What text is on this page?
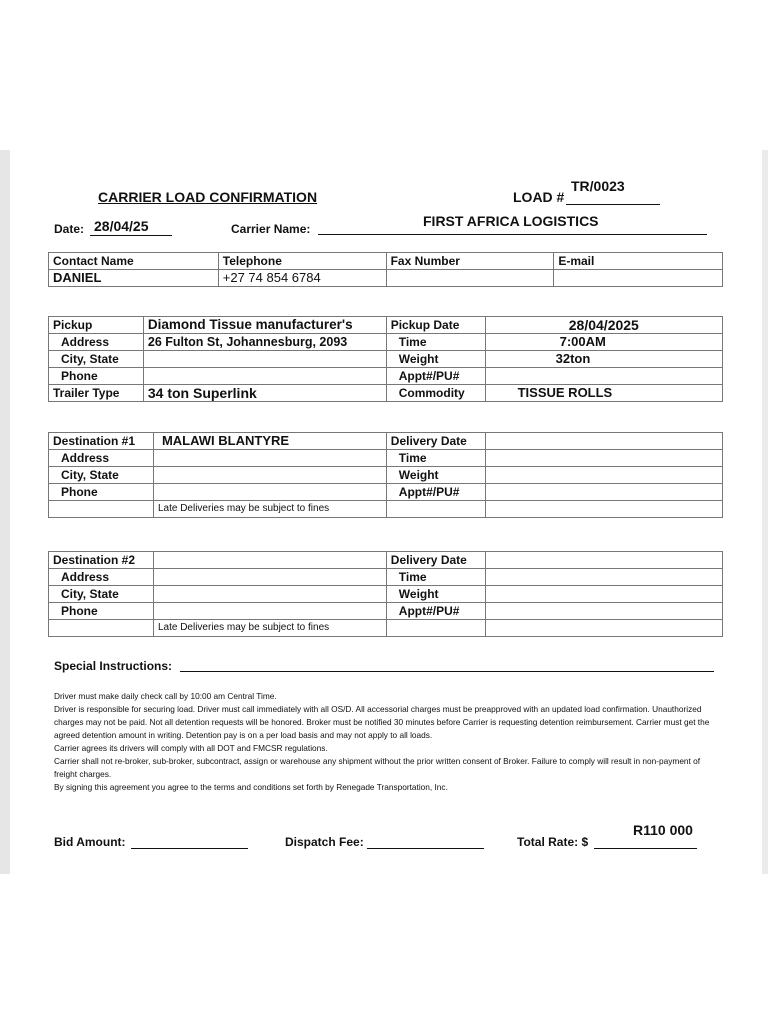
CARRIER LOAD CONFIRMATION	LOAD #
TR/0023
Date: 28/04/25	Carrier Name:	FIRST AFRICA LOGISTICS
Contact Name	Telephone	Fax Number	E-mail
DANIEL	+27 74 854 6784		
Pickup	Diamond Tissue manufacturer's	Pickup Date	28/04/2025
Address	26 Fulton St, Johannesburg, 2093	Time	7:00AM
City, State		Weight	32ton
Phone		Appt#/PU#	
Trailer Type	34 ton Superlink	Commodity	TISSUE ROLLS
Destination #1	MALAWI BLANTYRE	Delivery Date	
Address		Time	
City, State		Weight	
Phone		Appt#/PU#	
	Late Deliveries may be subject to fines		
Destination #2		Delivery Date	
Address		Time	
City, State		Weight	
Phone		Appt#/PU#	
	Late Deliveries may be subject to fines		
Special Instructions:
Driver must make daily check call by 10:00 am Central Time.
Driver is responsible for securing load. Driver must call immediately with all OS/D. All accessorial charges must be preapproved with an updated load confirmation. Unauthorized charges may not be paid. Not all detention requests will be honored. Broker must be notified 30 minutes before Carrier is requesting detention reimbursement. Carrier must get the agreed detention amount in writing. Detention pay is on a per load basis and may not apply to all loads.
Carrier agrees its drivers will comply with all DOT and FMCSR regulations.
Carrier shall not re-broker, sub-broker, subcontract, assign or warehouse any shipment without the prior written consent of Broker. Failure to comply will result in non-payment of freight charges.
By signing this agreement you agree to the terms and conditions set forth by Renegade Transportation, Inc.
Bid Amount:	Dispatch Fee:	Total Rate: $
R110 000
